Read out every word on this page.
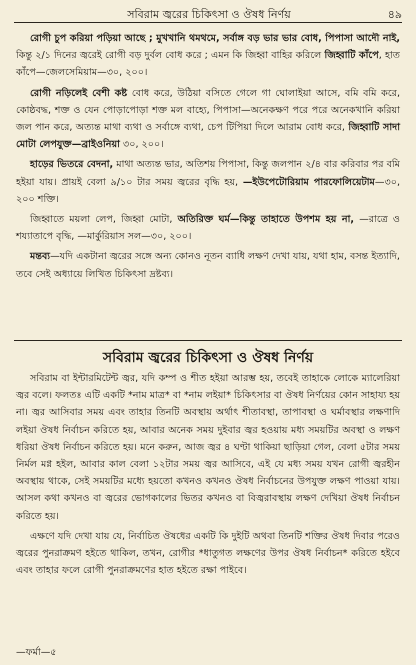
সবিরাম জ্বরের চিকিৎসা ও ঔষধ নির্ণয়	৪৯

রোগী চুপ করিয়া পড়িয়া আছে ; মুখখানি থমথমে, সর্বাঙ্গ বড় ভার ভার বোধ, পিপাসা আদৌ নাই, কিন্তু ২/১ দিনের জ্বরেই রোগী বড় দুর্বল বোধ করে ; এমন কি জিহ্বা বাহির করিলে জিহ্বাটি কাঁপে, হাত কাঁপে—জেলসেমিয়াম—৩০, ২০০।

রোগী নড়িলেই বেশী কষ্ট বোধ করে, উঠিয়া বসিতে গেলে গা ঘোলাইয়া আসে, বমি বমি করে, কোষ্ঠবদ্ধ, শক্ত ও যেন পোড়াপোড়া শক্ত মল বাহ্যে, পিপাসা—অনেকক্ষণ পরে পরে অনেকখানি করিয়া জল পান করে, অত্যন্ত মাথা ব্যথা ও সর্বাঙ্গে ব্যথা, চেপ টিপিয়া দিলে আরাম বোধ করে, জিহ্বাটি সাদা মোটা লেপযুক্ত—ব্রাইওনিয়া ৩০, ২০০।

হাড়ের ভিতরে বেদনা, মাথা অত্যন্ত ভার, অতিশয় পিপাসা, কিন্তু জলপান ২/৪ বার করিবার পর বমি হইয়া যায়। প্রায়ই বেলা ৯/১০ টার সময় জ্বরের বৃদ্ধি হয়, —ইউপেটোরিয়াম পারফোলিয়েটাম—৩০, ২০০ শক্তি।

জিহ্বাতে ময়লা লেপ, জিহ্বা মোটা, অতিরিক্ত ঘর্ম—কিন্তু তাহাতে উপশম হয় না, —রাত্রে ও শয্যাতাপে বৃদ্ধি, —মার্কুরিয়াস সল—৩০, ২০০।

মন্তব্য—যদি একটানা জ্বরের সঙ্গে অন্য কোনও নূতন ব্যাধি লক্ষণ দেখা যায়, যথা হাম, বসন্ত ইত্যাদি, তবে সেই অধ্যায়ে লিখিত চিকিৎসা দ্রষ্টব্য।

সবিরাম জ্বরের চিকিৎসা ও ঔষধ নির্ণয়

সবিরাম বা ইন্টারমিটেন্ট জ্বর, যদি কম্প ও শীত হইয়া আরম্ভ হয়, তবেই তাহাকে লোকে ম্যালেরিয়া জ্বর বলে। ফলতঃ এটি একটি *নাম মাত্র* বা *নাম লইয়া* চিকিৎসার বা ঔষধ নির্ণয়ের কোন সাহায্য হয় না। জ্বর আসিবার সময় এবং তাহার তিনটি অবস্থায় অর্থাৎ শীতাবস্থা, তাপাবস্থা ও ঘর্মাবস্থার লক্ষণাদি লইয়া ঔষধ নির্বাচন করিতে হয়, আবার অনেক সময় দুইবার জ্বর হওয়ায় মধ্য সময়টির অবস্থা ও লক্ষণ ধরিয়া ঔষধ নির্বাচন করিতে হয়। মনে করুন, আজ জ্বর ৪ ঘণ্টা থাকিয়া ছাড়িয়া গেল, বেলা ৫টার সময় নির্মল মগ্ন হইল, আবার কাল বেলা ১২টার সময় জ্বর আসিবে, এই যে মধ্য সময় যখন রোগী জ্বরহীন অবস্থায় থাকে, সেই সময়টির মধ্যে হয়তো কখনও কখনও ঔষধ নির্বাচনের উপযুক্ত লক্ষণ পাওয়া যায়। আসল কথা কখনও বা জ্বরের ভোগকালের ভিতর কখনও বা বিজ্বরাবস্থায় লক্ষণ দেখিয়া ঔষধ নির্বাচন করিতে হয়।

এক্ষণে যদি দেখা যায় যে, নির্বাচিত ঔষধের একটি কি দুইটি অথবা তিনটি শক্তির ঔষধ দিবার পরেও জ্বরের পুনরাক্রমণ হইতে থাকিল, তখন, রোগীর *ধাতুগত লক্ষণের উপর ঔষধ নির্বাচন* করিতে হইবে এবং তাহার ফলে রোগী পুনরাক্রমণের হাত হইতে রক্ষা পাইবে।

—ফর্মা—৫
